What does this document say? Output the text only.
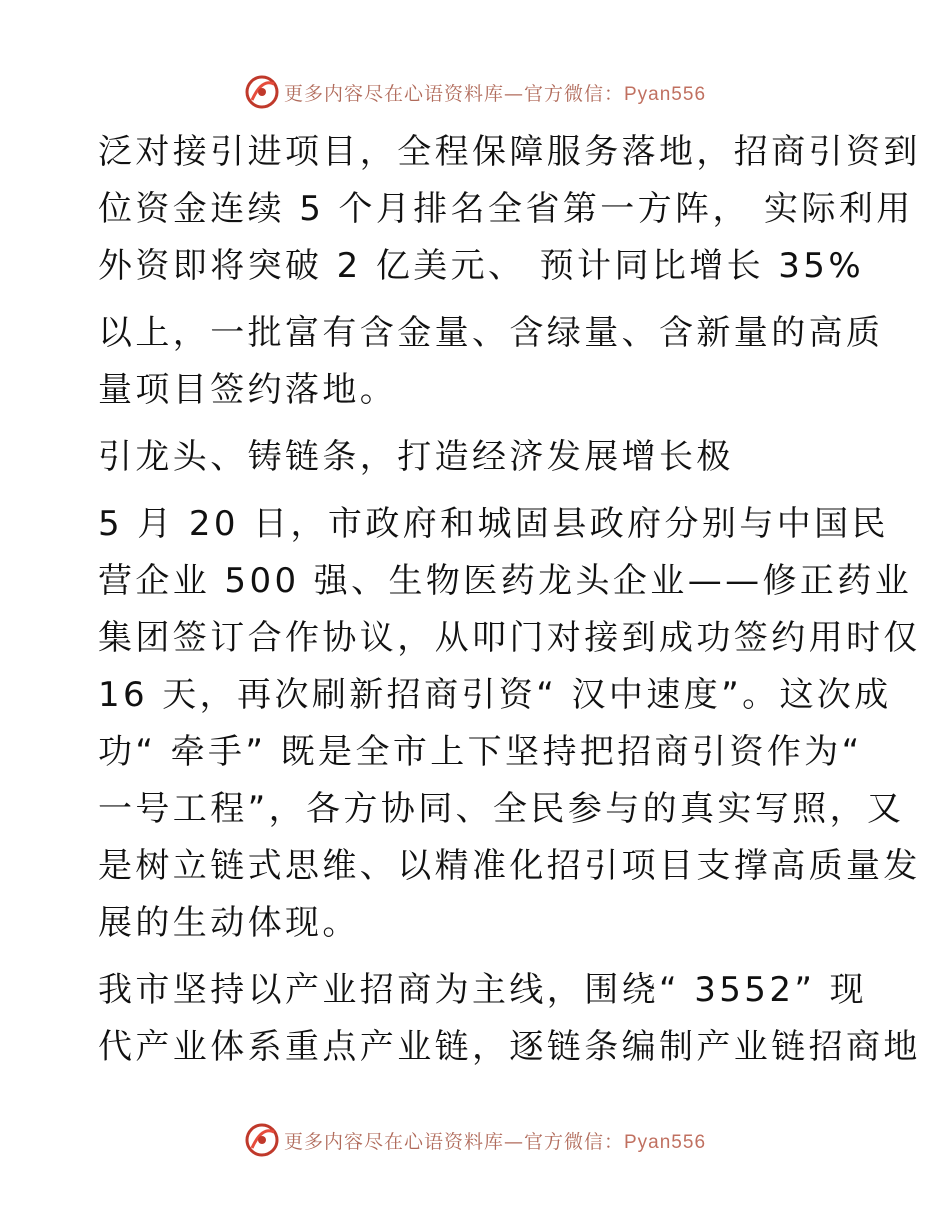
更多内容尽在心语资料库—官方微信：Pyan556
泛对接引进项目，全程保障服务落地，招商引资到
位资金连续 5 个月排名全省第一方阵， 实际利用
外资即将突破 2 亿美元、 预计同比增长 35%
以上，一批富有含金量、含绿量、含新量的高质
量项目签约落地。
引龙头、铸链条，打造经济发展增长极
5 月 20 日，市政府和城固县政府分别与中国民
营企业 500 强、生物医药龙头企业——修正药业
集团签订合作协议，从叩门对接到成功签约用时仅
16 天，再次刷新招商引资“ 汉中速度”。这次成
功“ 牵手” 既是全市上下坚持把招商引资作为“
一号工程”，各方协同、全民参与的真实写照，又
是树立链式思维、以精准化招引项目支撑高质量发
展的生动体现。
我市坚持以产业招商为主线，围绕“ 3552” 现
代产业体系重点产业链，逐链条编制产业链招商地
更多内容尽在心语资料库—官方微信：Pyan556
